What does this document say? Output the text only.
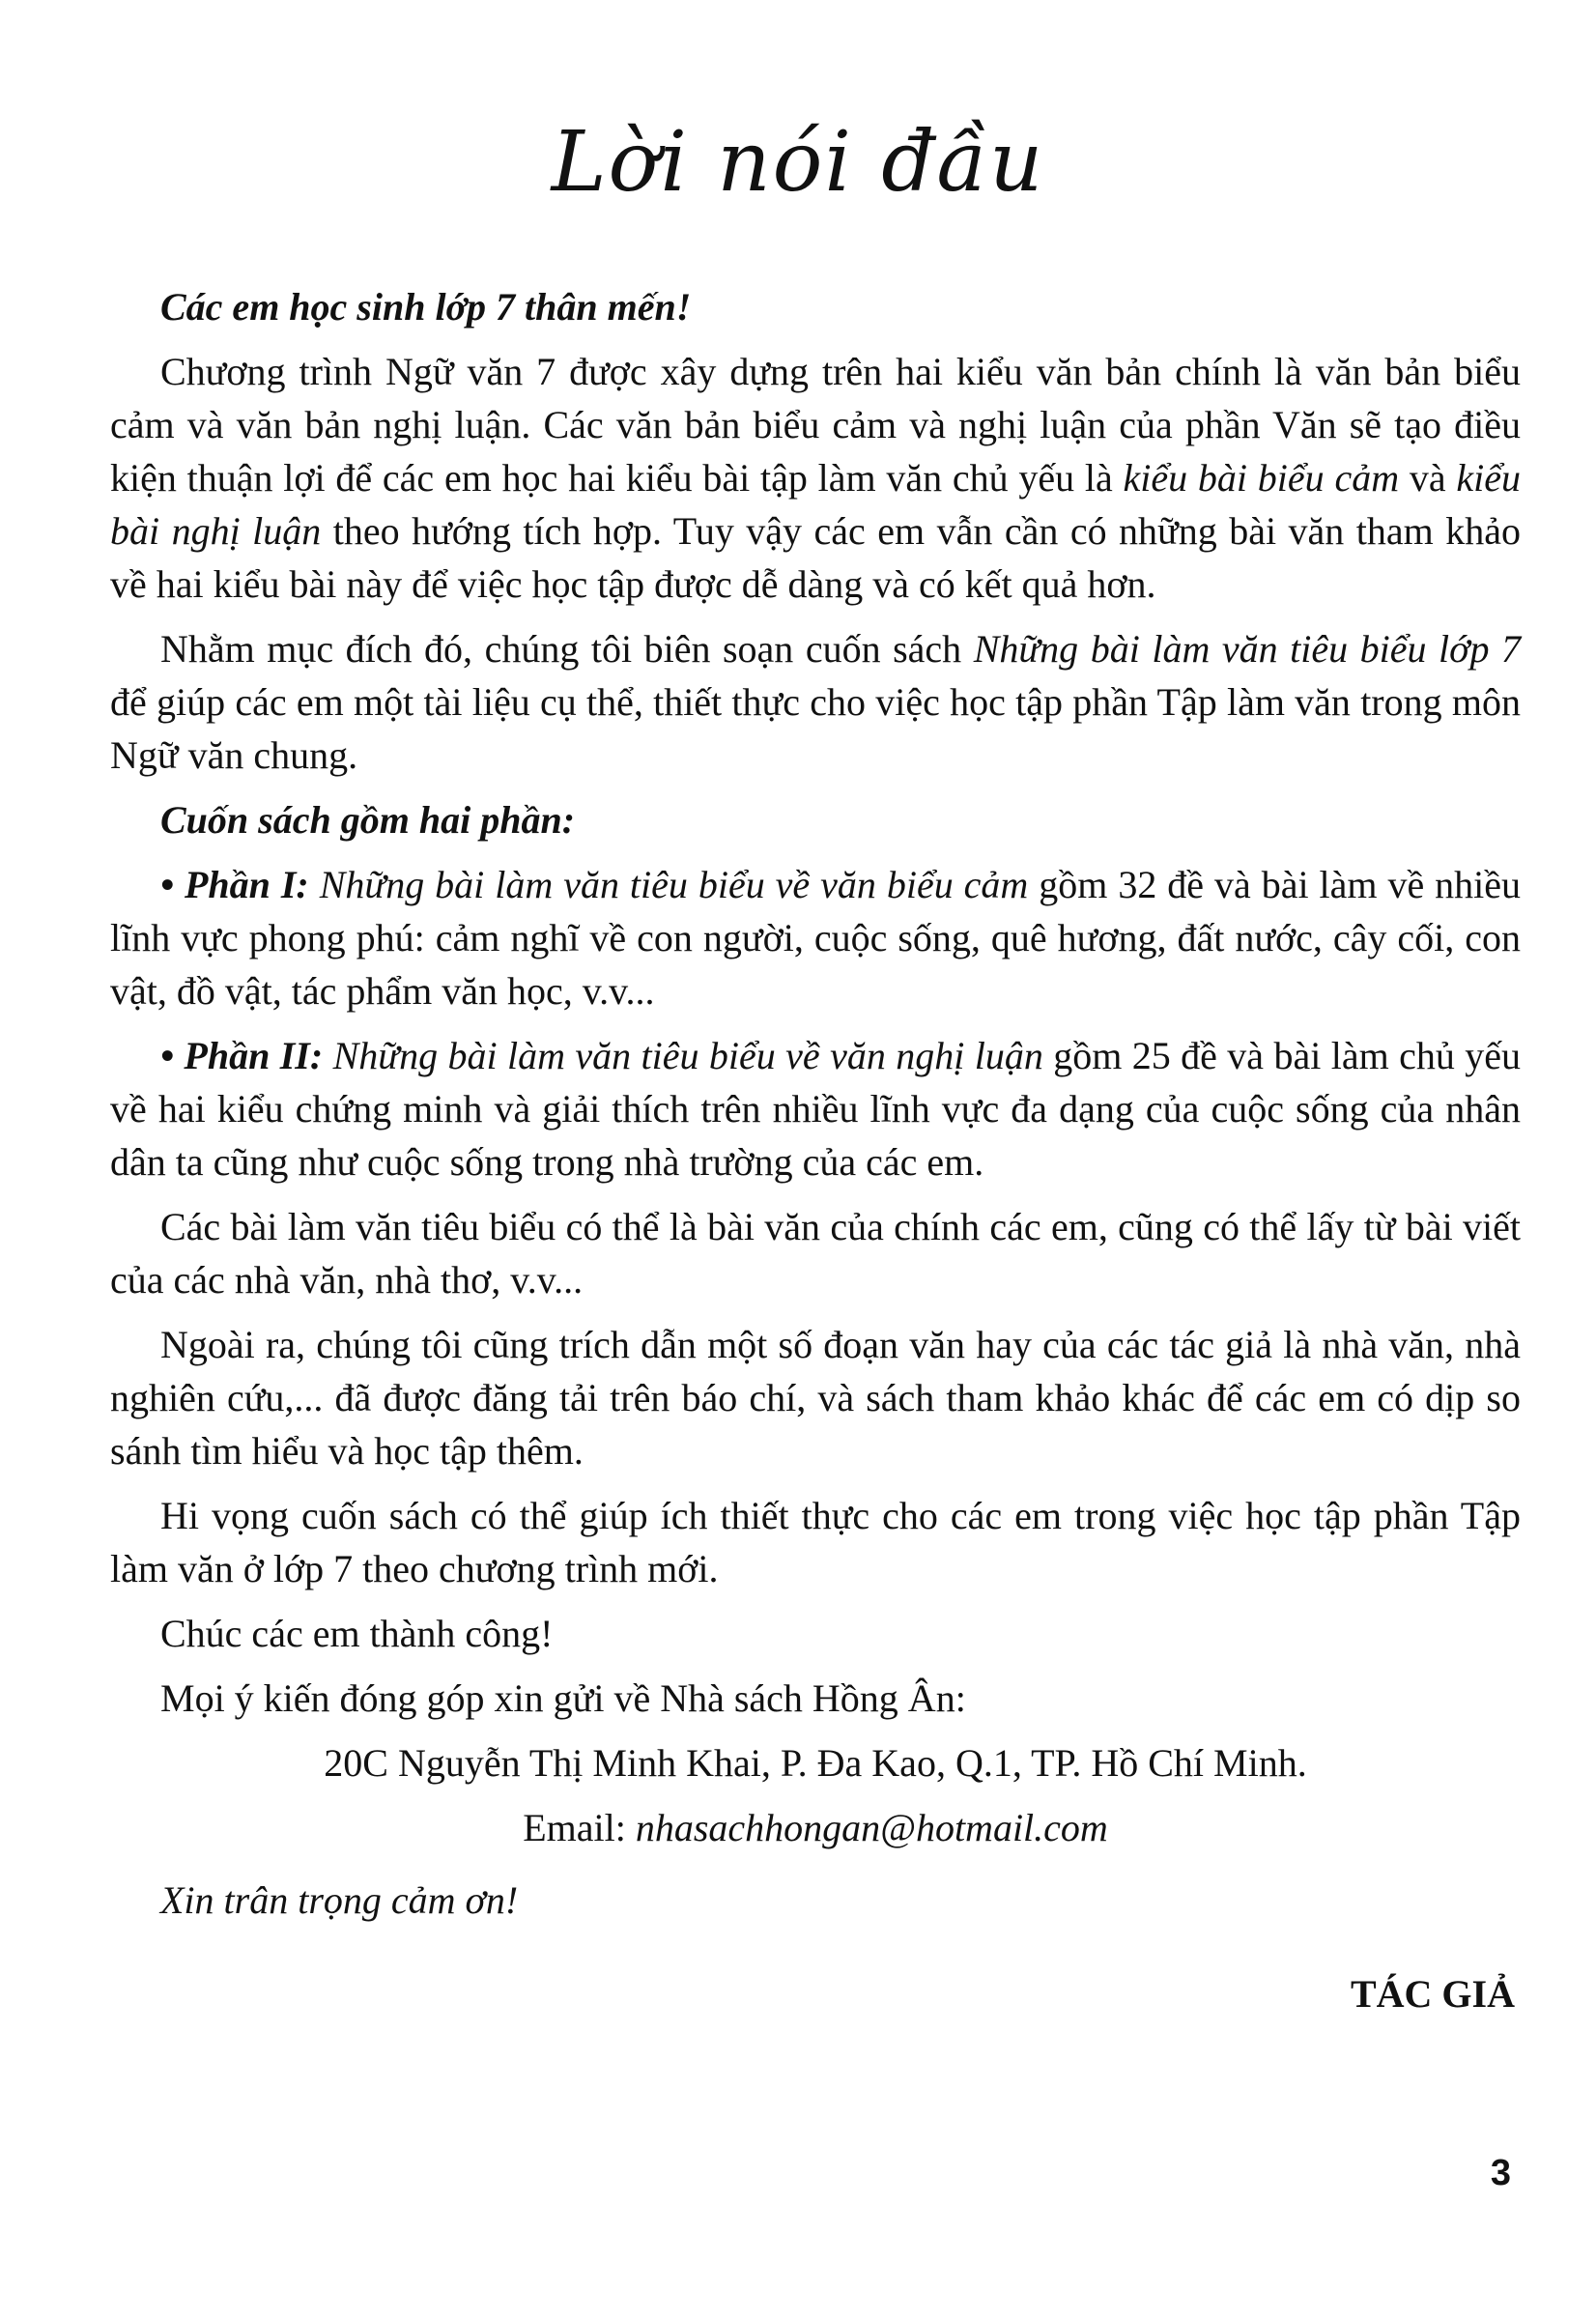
Lời nói đầu

Các em học sinh lớp 7 thân mến!

Chương trình Ngữ văn 7 được xây dựng trên hai kiểu văn bản chính là văn bản biểu cảm và văn bản nghị luận. Các văn bản biểu cảm và nghị luận của phần Văn sẽ tạo điều kiện thuận lợi để các em học hai kiểu bài tập làm văn chủ yếu là kiểu bài biểu cảm và kiểu bài nghị luận theo hướng tích hợp. Tuy vậy các em vẫn cần có những bài văn tham khảo về hai kiểu bài này để việc học tập được dễ dàng và có kết quả hơn.

Nhằm mục đích đó, chúng tôi biên soạn cuốn sách Những bài làm văn tiêu biểu lớp 7 để giúp các em một tài liệu cụ thể, thiết thực cho việc học tập phần Tập làm văn trong môn Ngữ văn chung.

Cuốn sách gồm hai phần:

• Phần I: Những bài làm văn tiêu biểu về văn biểu cảm gồm 32 đề và bài làm về nhiều lĩnh vực phong phú: cảm nghĩ về con người, cuộc sống, quê hương, đất nước, cây cối, con vật, đồ vật, tác phẩm văn học, v.v...

• Phần II: Những bài làm văn tiêu biểu về văn nghị luận gồm 25 đề và bài làm chủ yếu về hai kiểu chứng minh và giải thích trên nhiều lĩnh vực đa dạng của cuộc sống của nhân dân ta cũng như cuộc sống trong nhà trường của các em.

Các bài làm văn tiêu biểu có thể là bài văn của chính các em, cũng có thể lấy từ bài viết của các nhà văn, nhà thơ, v.v...

Ngoài ra, chúng tôi cũng trích dẫn một số đoạn văn hay của các tác giả là nhà văn, nhà nghiên cứu,... đã được đăng tải trên báo chí, và sách tham khảo khác để các em có dịp so sánh tìm hiểu và học tập thêm.

Hi vọng cuốn sách có thể giúp ích thiết thực cho các em trong việc học tập phần Tập làm văn ở lớp 7 theo chương trình mới.

Chúc các em thành công!

Mọi ý kiến đóng góp xin gửi về Nhà sách Hồng Ân:

20C Nguyễn Thị Minh Khai, P. Đa Kao, Q.1, TP. Hồ Chí Minh.

Email: nhasachhongan@hotmail.com

Xin trân trọng cảm ơn!

TÁC GIẢ
3
